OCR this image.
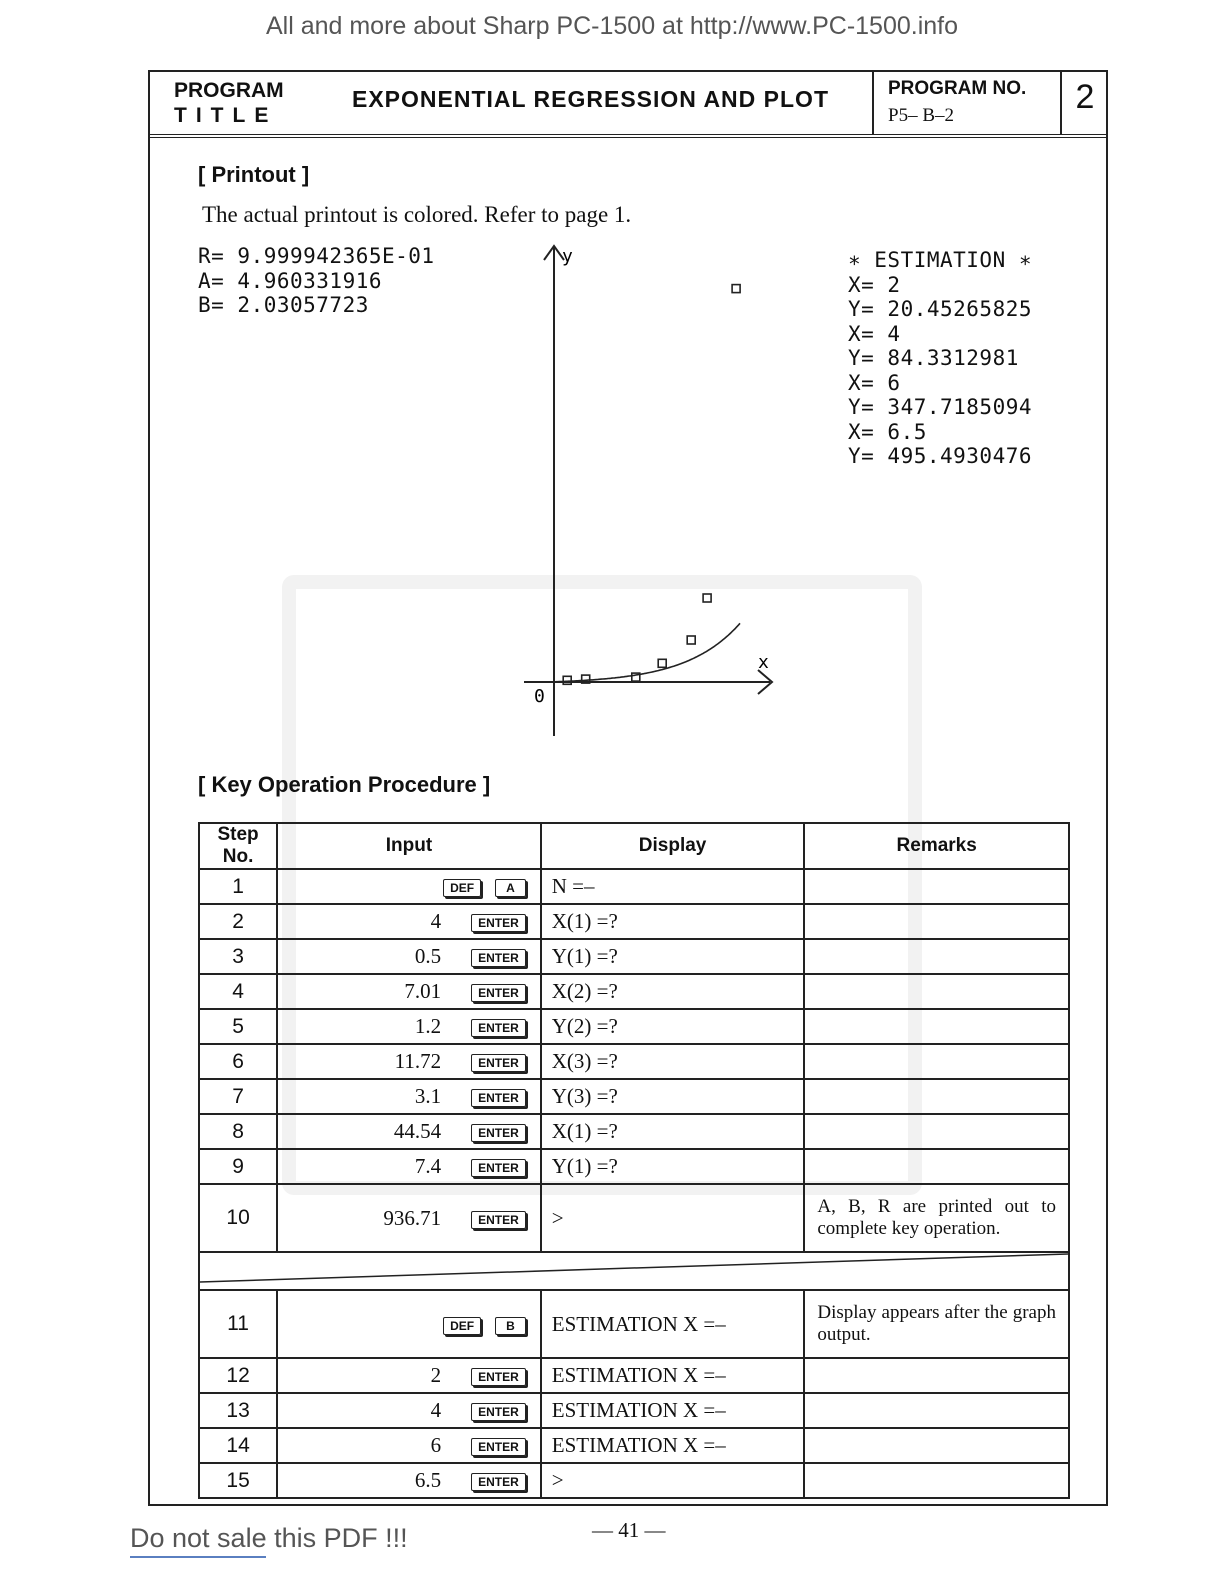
All and more about Sharp PC-1500 at http://www.PC-1500.info
PROGRAM
TITLE
EXPONENTIAL REGRESSION AND PLOT	PROGRAM NO.
P5– B–2	2
[ Printout ]
The actual printout is colored. Refer to page 1.
R= 9.999942365E-01
A= 4.960331916
B= 2.03057723
∗ ESTIMATION ∗
X= 2
Y= 20.45265825
X= 4
Y= 84.3312981
X= 6
Y= 347.7185094
X= 6.5
Y= 495.4930476
y
x
0
[ Key Operation Procedure ]
Step No.	Input	Display	Remarks
1	DEF A	N =–	
2	4 ENTER	X(1) =?	
3	0.5 ENTER	Y(1) =?	
4	7.01 ENTER	X(2) =?	
5	1.2 ENTER	Y(2) =?	
6	11.72 ENTER	X(3) =?	
7	3.1 ENTER	Y(3) =?	
8	44.54 ENTER	X(1) =?	
9	7.4 ENTER	Y(1) =?	
10	936.71 ENTER	>	A, B, R are printed out to complete key operation.

11	DEF B	ESTIMATION X =–	Display appears after the graph output.
12	2 ENTER	ESTIMATION X =–	
13	4 ENTER	ESTIMATION X =–	
14	6 ENTER	ESTIMATION X =–	
15	6.5 ENTER	>	
— 41 —
Do not sale this PDF !!!
